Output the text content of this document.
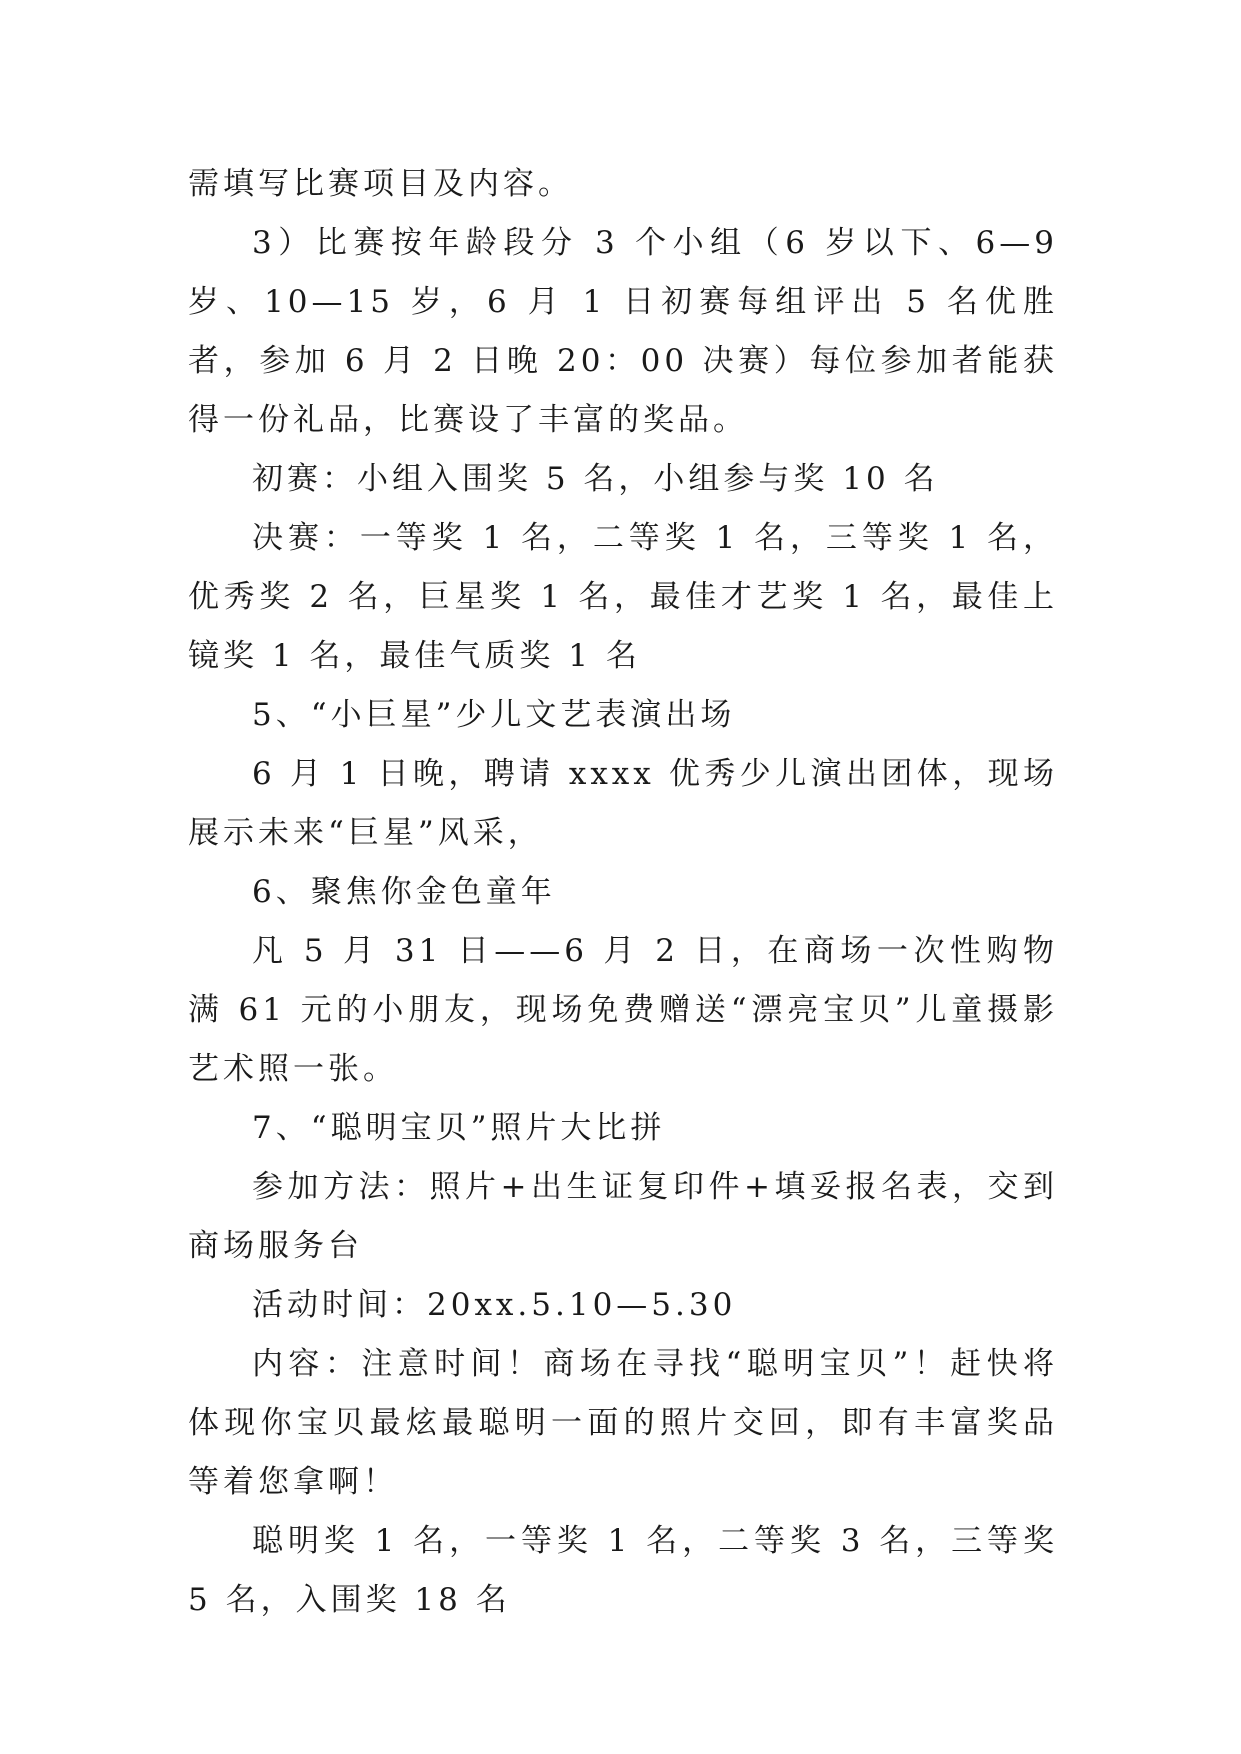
需填写比赛项目及内容。

3）比赛按年龄段分 3 个小组（6 岁以下、6—9 岁、10—15 岁，6 月 1 日初赛每组评出 5 名优胜者，参加 6 月 2 日晚 20：00 决赛）每位参加者能获得一份礼品，比赛设了丰富的奖品。

初赛：小组入围奖 5 名，小组参与奖 10 名

决赛：一等奖 1 名，二等奖 1 名，三等奖 1 名，优秀奖 2 名，巨星奖 1 名，最佳才艺奖 1 名，最佳上镜奖 1 名，最佳气质奖 1 名

5、“小巨星”少儿文艺表演出场

6 月 1 日晚，聘请 xxxx 优秀少儿演出团体，现场展示未来“巨星”风采，

6、聚焦你金色童年

凡 5 月 31 日——6 月 2 日，在商场一次性购物满 61 元的小朋友，现场免费赠送“漂亮宝贝”儿童摄影艺术照一张。

7、“聪明宝贝”照片大比拼

参加方法：照片+出生证复印件+填妥报名表，交到商场服务台

活动时间：20xx.5.10—5.30

内容：注意时间！商场在寻找“聪明宝贝”！赶快将体现你宝贝最炫最聪明一面的照片交回，即有丰富奖品等着您拿啊！

聪明奖 1 名，一等奖 1 名，二等奖 3 名，三等奖 5 名，入围奖 18 名
